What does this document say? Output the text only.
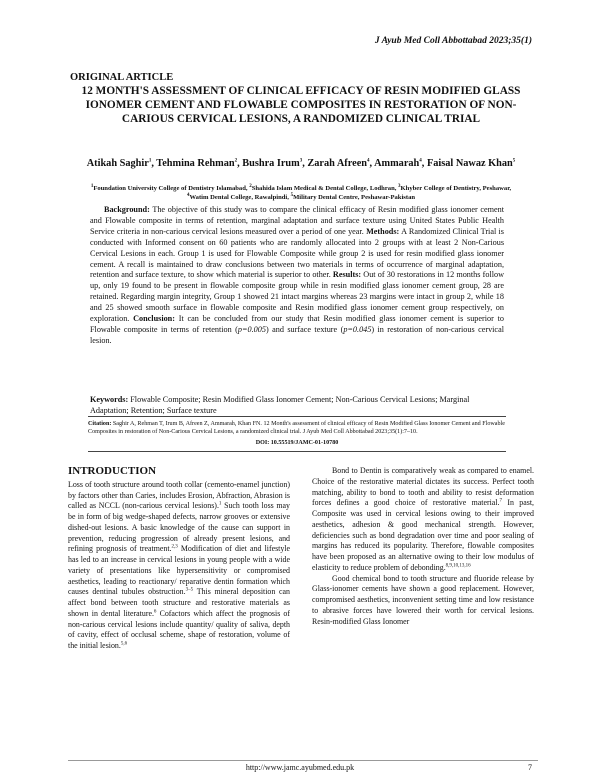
J Ayub Med Coll Abbottabad 2023;35(1)
ORIGINAL ARTICLE
12 MONTH'S ASSESSMENT OF CLINICAL EFFICACY OF RESIN MODIFIED GLASS IONOMER CEMENT AND FLOWABLE COMPOSITES IN RESTORATION OF NON-CARIOUS CERVICAL LESIONS, A RANDOMIZED CLINICAL TRIAL
Atikah Saghir$^1$, Tehmina Rehman$^2$, Bushra Irum$^3$, Zarah Afreen$^4$, Ammarah$^4$, Faisal Nawaz Khan$^5$
$^1$Foundation University College of Dentistry Islamabad, $^2$Shahida Islam Medical & Dental College, Lodhran, $^3$Khyber College of Dentistry, Peshawar, $^4$Watim Dental College, Rawalpindi, $^5$Military Dental Centre, Peshawar-Pakistan
Background: The objective of this study was to compare the clinical efficacy of Resin modified glass ionomer cement and Flowable composite in terms of retention, marginal adaptation and surface texture using United States Public Health Service criteria in non-carious cervical lesions measured over a period of one year. Methods: A Randomized Clinical Trial is conducted with Informed consent on 60 patients who are randomly allocated into 2 groups with at least 2 Non-Carious Cervical Lesions in each. Group 1 is used for Flowable Composite while group 2 is used for resin modified glass ionomer cement. A recall is maintained to draw conclusions between two materials in terms of occurrence of marginal adaptation, retention and surface texture, to show which material is superior to other. Results: Out of 30 restorations in 12 months follow up, only 19 found to be present in flowable composite group while in resin modified glass ionomer cement group, 28 are retained. Regarding margin integrity, Group 1 showed 21 intact margins whereas 23 margins were intact in group 2, while 18 and 25 showed smooth surface in flowable composite and Resin modified glass ionomer cement group respectively, on exploration. Conclusion: It can be concluded from our study that Resin modified glass ionomer cement is superior to Flowable composite in terms of retention (p=0.005) and surface texture (p=0.045) in restoration of non-carious cervical lesion.
Keywords: Flowable Composite; Resin Modified Glass Ionomer Cement; Non-Carious Cervical Lesions; Marginal Adaptation; Retention; Surface texture
Citation: Saghir A, Rehman T, Irum B, Afreen Z, Ammarah, Khan FN. 12 Month's assessment of clinical efficacy of Resin Modified Glass Ionomer Cement and Flowable Composites in restoration of Non-Carious Cervical Lesions, a randomized clinical trial. J Ayub Med Coll Abbottabad 2023;35(1):7–10.
DOI: 10.55519/JAMC-01-10780
INTRODUCTION

Loss of tooth structure around tooth collar (cemento-enamel junction) by factors other than Caries, includes Erosion, Abfraction, Abrasion is called as NCCL (non-carious cervical lesions).$^1$ Such tooth loss may be in form of big wedge-shaped defects, narrow grooves or extensive dished-out lesions. A basic knowledge of the cause can support in prevention, reducing progression of already present lesions, and refining prognosis of treatment.$^{2,3}$ Modification of diet and lifestyle has led to an increase in cervical lesions in young people with a wide variety of presentations like hypersensitivity or compromised aesthetics, leading to reactionary/ reparative dentin formation which causes dentinal tubules obstruction.$^{3-5}$ This mineral deposition can affect bond between tooth structure and restorative materials as shown in dental literature.$^6$ Cofactors which affect the prognosis of non-carious cervical lesions include quantity/ quality of saliva, depth of cavity, effect of occlusal scheme, shape of restoration, volume of the initial lesion.$^{5,6}$

Bond to Dentin is comparatively weak as compared to enamel. Choice of the restorative material dictates its success. Perfect tooth matching, ability to bond to tooth and ability to resist deformation forces defines a good choice of restorative material.$^7$ In past, Composite was used in cervical lesions owing to their improved aesthetics, adhesion & good mechanical strength. However, deficiencies such as bond degradation over time and poor sealing of margins has reduced its popularity. Therefore, flowable composites have been proposed as an alternative owing to their low modulus of elasticity to reduce problem of debonding.$^{8,9,10,13,16}$

Good chemical bond to tooth structure and fluoride release by Glass-ionomer cements have shown a good replacement. However, compromised aesthetics, inconvenient setting time and low resistance to abrasive forces have lowered their worth for cervical lesions. Resin-modified Glass Ionomer

http://www.jamc.ayubmed.edu.pk	7
